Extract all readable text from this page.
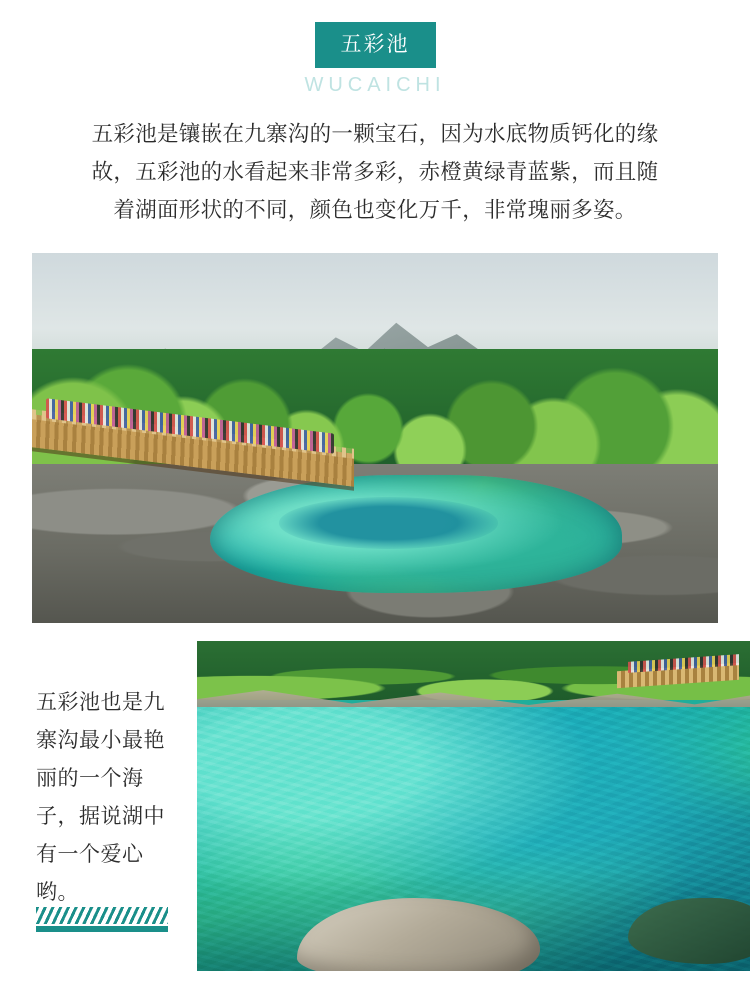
五彩池
WUCAICHI

五彩池是镶嵌在九寨沟的一颗宝石，因为水底物质钙化的缘故，五彩池的水看起来非常多彩，赤橙黄绿青蓝紫，而且随着湖面形状的不同，颜色也变化万千，非常瑰丽多姿。

五彩池也是九寨沟最小最艳丽的一个海子，据说湖中有一个爱心哟。
